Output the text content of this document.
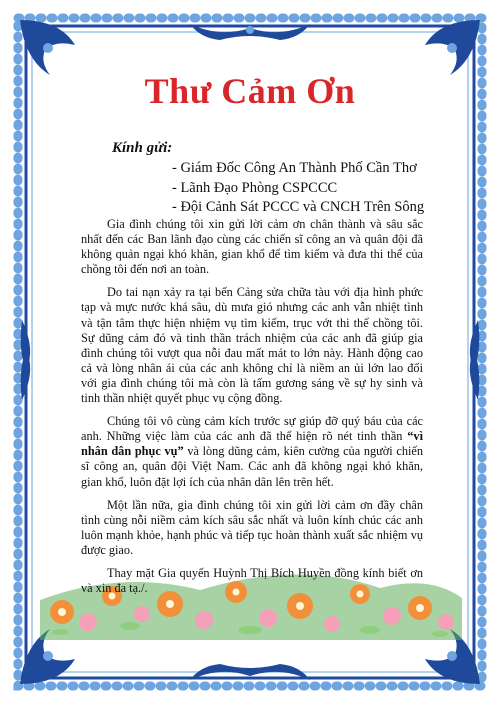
Thư Cảm Ơn
Kính gửi:
- Giám Đốc Công An Thành Phố Cần Thơ
- Lãnh Đạo Phòng CSPCCC
- Đội Cảnh Sát PCCC và CNCH Trên Sông

Gia đình chúng tôi xin gửi lời cảm ơn chân thành và sâu sắc nhất đến các Ban lãnh đạo cùng các chiến sĩ công an và quân đội đã không quản ngại khó khăn, gian khổ để tìm kiếm và đưa thi thể của chồng tôi đến nơi an toàn.

Do tai nạn xảy ra tại bến Cảng sửa chữa tàu với địa hình phức tạp và mực nước khá sâu, dù mưa gió nhưng các anh vẫn nhiệt tình và tận tâm thực hiện nhiệm vụ tìm kiếm, trục vớt thi thể chồng tôi. Sự dũng cảm đó và tinh thần trách nhiệm của các anh đã giúp gia đình chúng tôi vượt qua nỗi đau mất mát to lớn này. Hành động cao cả và lòng nhân ái của các anh không chỉ là niềm an ủi lớn lao đối với gia đình chúng tôi mà còn là tấm gương sáng về sự hy sinh và tinh thần nhiệt quyết phục vụ cộng đồng.

Chúng tôi vô cùng cảm kích trước sự giúp đỡ quý báu của các anh. Những việc làm của các anh đã thể hiện rõ nét tinh thần “vì nhân dân phục vụ” và lòng dũng cảm, kiên cường của người chiến sĩ công an, quân đội Việt Nam. Các anh đã không ngại khó khăn, gian khổ, luôn đặt lợi ích của nhân dân lên trên hết.

Một lần nữa, gia đình chúng tôi xin gửi lời cảm ơn đầy chân tình cùng nỗi niềm cảm kích sâu sắc nhất và luôn kính chúc các anh luôn mạnh khỏe, hạnh phúc và tiếp tục hoàn thành xuất sắc nhiệm vụ được giao.

Thay mặt Gia quyến Huỳnh Thị Bích Huyền đồng kính biết ơn và xin đa tạ./.
